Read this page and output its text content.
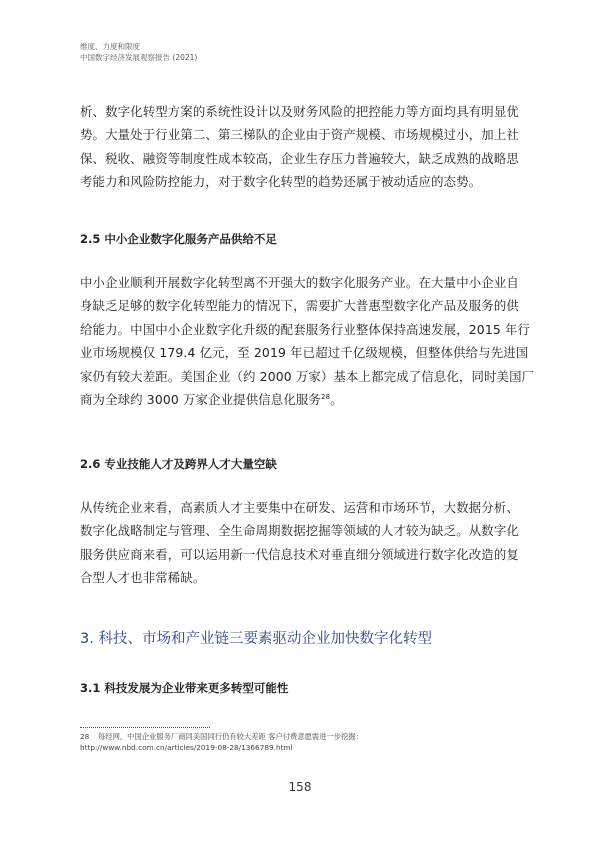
维度、力度和限度
中国数字经济发展观察报告 (2021)
析、数字化转型方案的系统性设计以及财务风险的把控能力等方面均具有明显优
势。大量处于行业第二、第三梯队的企业由于资产规模、市场规模过小，加上社
保、税收、融资等制度性成本较高，企业生存压力普遍较大，缺乏成熟的战略思
考能力和风险防控能力，对于数字化转型的趋势还属于被动适应的态势。
2.5 中小企业数字化服务产品供给不足
中小企业顺利开展数字化转型离不开强大的数字化服务产业。在大量中小企业自
身缺乏足够的数字化转型能力的情况下，需要扩大普惠型数字化产品及服务的供
给能力。中国中小企业数字化升级的配套服务行业整体保持高速发展，2015 年行
业市场规模仅 179.4 亿元，至 2019 年已超过千亿级规模，但整体供给与先进国
家仍有较大差距。美国企业（约 2000 万家）基本上都完成了信息化，同时美国厂
商为全球约 3000 万家企业提供信息化服务$^{28}$。
2.6 专业技能人才及跨界人才大量空缺
从传统企业来看，高素质人才主要集中在研发、运营和市场环节，大数据分析、
数字化战略制定与管理、全生命周期数据挖掘等领域的人才较为缺乏。从数字化
服务供应商来看，可以运用新一代信息技术对垂直细分领域进行数字化改造的复
合型人才也非常稀缺。
3. 科技、市场和产业链三要素驱动企业加快数字化转型
3.1 科技发展为企业带来更多转型可能性
28 每经网，中国企业服务厂商同美国同行仍有较大差距 客户付费意愿需进一步挖掘：
http://www.nbd.com.cn/articles/2019-08-28/1366789.html
158
